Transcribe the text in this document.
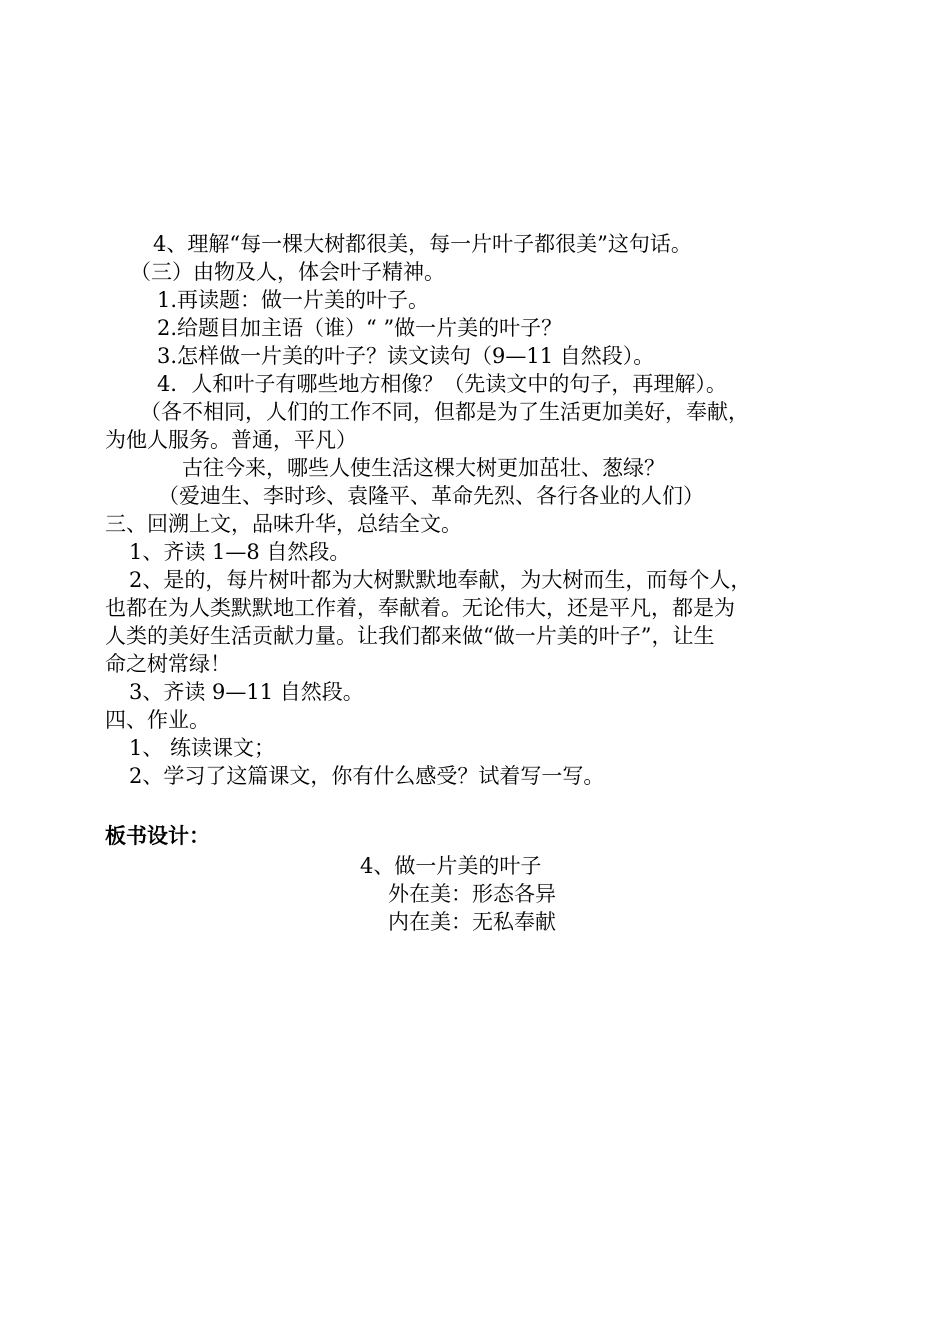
4、理解“每一棵大树都很美，每一片叶子都很美”这句话。
（三）由物及人，体会叶子精神。
1.再读题：做一片美的叶子。
2.给题目加主语（谁）“ ”做一片美的叶子？
3.怎样做一片美的叶子？读文读句（9—11 自然段）。
4．人和叶子有哪些地方相像？（先读文中的句子，再理解）。
（各不相同，人们的工作不同，但都是为了生活更加美好，奉献，
为他人服务。普通，平凡）
古往今来，哪些人使生活这棵大树更加茁壮、葱绿？
（爱迪生、李时珍、袁隆平、革命先烈、各行各业的人们）
三、回溯上文，品味升华，总结全文。
1、齐读 1—8 自然段。
2、是的，每片树叶都为大树默默地奉献，为大树而生，而每个人，
也都在为人类默默地工作着，奉献着。无论伟大，还是平凡，都是为
人类的美好生活贡献力量。让我们都来做“做一片美的叶子”，让生
命之树常绿！
3、齐读 9—11 自然段。
四、作业。
1、 练读课文；
2、学习了这篇课文，你有什么感受？试着写一写。
板书设计：
4、做一片美的叶子
外在美：形态各异
内在美：无私奉献
